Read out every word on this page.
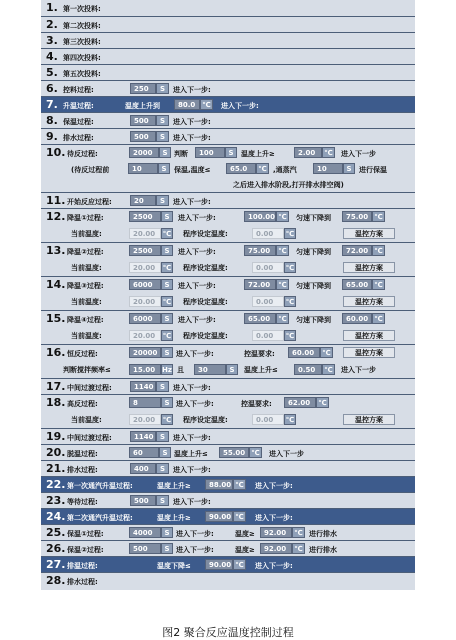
1. 第一次投料:
2. 第二次投料:
3. 第三次投料:
4. 第四次投料:
5. 第五次投料:
6. 控料过程:	250	S	进入下一步:
7. 升温过程:	温度上升到	80.0 ℃	进入下一步:
8. 保温过程:	500	S	进入下一步:
9. 排水过程:	500	S	进入下一步:
10. 待反过程:	2000	S 判断	100	S	温度上升≥	2.00	℃	进入下一步
(待反过程前	10	S	保温,温度≤	65.0	℃ ,通蒸汽	10	S	进行保温
之后进入排水阶段,打开排水排空阀)
11. 开始反应过程:	20	S	进入下一步:
12. 降温①过程:	2500	S	进入下一步:	100.00 ℃	匀速下降到	75.00 ℃
当前温度:	20.00	℃ 程序设定温度:	0.00	℃	温控方案
13. 降温②过程:	2500	S	进入下一步:	75.00	℃	匀速下降到	72.00 ℃
当前温度:	20.00	℃ 程序设定温度:	0.00	℃	温控方案
14. 降温③过程:	6000	S	进入下一步:	72.00	℃	匀速下降到	65.00 ℃
当前温度:	20.00	℃ 程序设定温度:	0.00	℃	温控方案
15. 降温④过程:	6000	S	进入下一步:	65.00	℃	匀速下降到	60.00 ℃
当前温度:	20.00	℃ 程序设定温度:	0.00	℃	温控方案
16. 恒反过程:	20000	S 进入下一步:	控温要求:	60.00	℃	温控方案
判断搅拌频率≤	15.00 Hz 且	30	S	温度上升≤	0.50	℃	进入下一步
17. 中间过渡过程:	1140 S	进入下一步:
18. 高反过程:	8	S 进入下一步:	控温要求:	62.00	℃
当前温度:	20.00	℃ 程序设定温度:	0.00	℃	温控方案
19. 中间过渡过程:	1140 S	进入下一步:
20. 脱温过程:	60	S 温度上升≤	55.00 ℃	进入下一步
21. 排水过程:	400	S	进入下一步:
22. 第一次通汽升温过程:	温度上升≥	88.00 ℃	进入下一步:
23. 等待过程:	500	S	进入下一步:
24. 第二次通汽升温过程:	温度上升≥	90.00 ℃	进入下一步:
25. 保温①过程:	4000	S 进入下一步:	温度≥	92.00	℃ 进行排水
26. 保温②过程:	500	S 进入下一步:	温度≥	92.00	℃ 进行排水
27. 排温过程:	温度下降≤	90.00 ℃	进入下一步:
28. 排水过程:
图2 聚合反应温度控制过程
